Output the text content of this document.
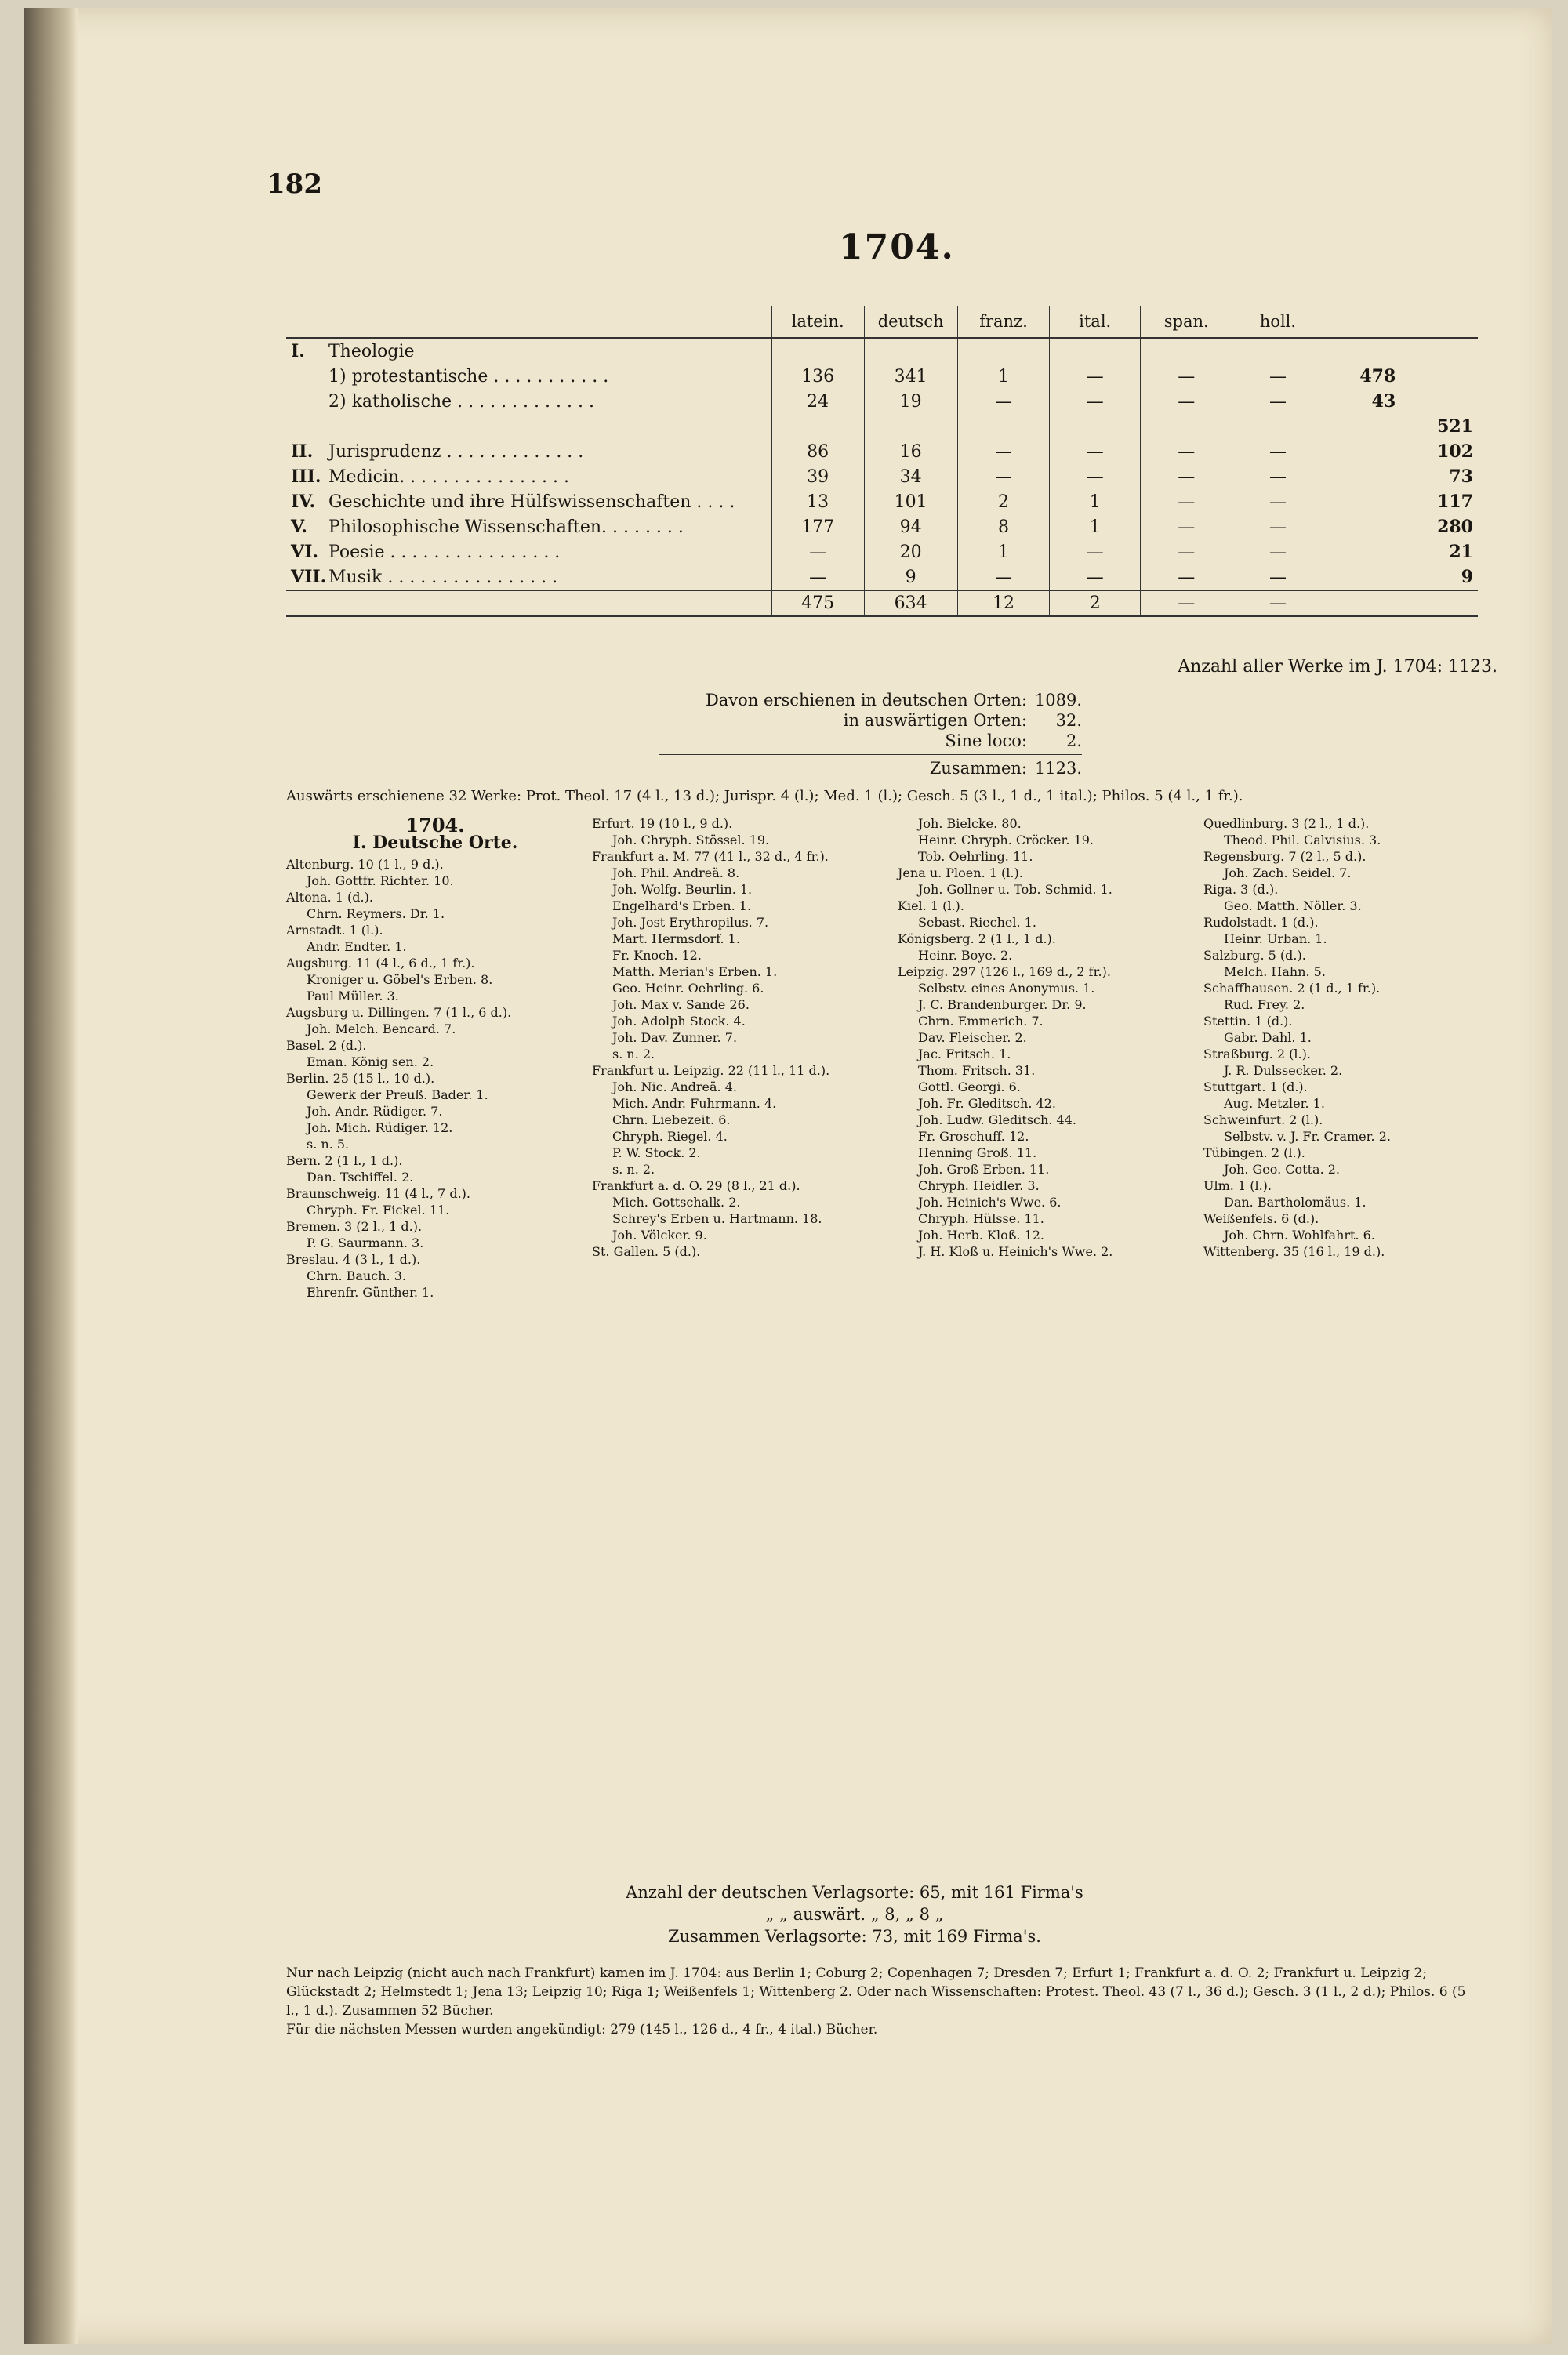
182
1704.
	latein.	deutsch	franz.	ital.	span.	holl.		
I. Theologie								
1) protestantische . . . . . . . . . . .	136	341	1	—	—	—	478	
2) katholische . . . . . . . . . . . . .	24	19	—	—	—	—	43	
								521
II. Jurisprudenz . . . . . . . . . . . . .	86	16	—	—	—	—		102
III. Medicin. . . . . . . . . . . . . . . .	39	34	—	—	—	—		73
IV. Geschichte und ihre Hülfswissenschaften . . . .	13	101	2	1	—	—		117
V. Philosophische Wissenschaften. . . . . . . .	177	94	8	1	—	—		280
VI. Poesie . . . . . . . . . . . . . . . .	—	20	1	—	—	—		21
VII. Musik . . . . . . . . . . . . . . . .	—	9	—	—	—	—		9
	475	634	12	2	—	—		
Anzahl aller Werke im J. 1704: 1123.
Davon erschienen in deutschen Orten: 1089.
in auswärtigen Orten:	32.
Sine loco:	2.
Zusammen: 1123.
Auswärts erschienene 32 Werke: Prot. Theol. 17 (4 l., 13 d.); Jurispr. 4 (l.); Med. 1 (l.); Gesch. 5 (3 l., 1 d., 1 ital.); Philos. 5 (4 l., 1 fr.).
1704.
I. Deutsche Orte.
Altenburg. 10 (1 l., 9 d.).
Joh. Gottfr. Richter. 10.
Altona. 1 (d.).
Chrn. Reymers. Dr. 1.
Arnstadt. 1 (l.).
Andr. Endter. 1.
Augsburg. 11 (4 l., 6 d., 1 fr.).
Kroniger u. Göbel's Erben. 8.
Paul Müller. 3.
Augsburg u. Dillingen. 7 (1 l., 6 d.).
Joh. Melch. Bencard. 7.
Basel. 2 (d.).
Eman. König sen. 2.
Berlin. 25 (15 l., 10 d.).
Gewerk der Preuß. Bader. 1.
Joh. Andr. Rüdiger. 7.
Joh. Mich. Rüdiger. 12.
s. n. 5.
Bern. 2 (1 l., 1 d.).
Dan. Tschiffel. 2.
Braunschweig. 11 (4 l., 7 d.).
Chryph. Fr. Fickel. 11.
Bremen. 3 (2 l., 1 d.).
P. G. Saurmann. 3.
Breslau. 4 (3 l., 1 d.).
Chrn. Bauch. 3.
Ehrenfr. Günther. 1.
Erfurt. 19 (10 l., 9 d.).
Joh. Chryph. Stössel. 19.
Frankfurt a. M. 77 (41 l., 32 d., 4 fr.).
Joh. Phil. Andreä. 8.
Joh. Wolfg. Beurlin. 1.
Engelhard's Erben. 1.
Joh. Jost Erythropilus. 7.
Mart. Hermsdorf. 1.
Fr. Knoch. 12.
Matth. Merian's Erben. 1.
Geo. Heinr. Oehrling. 6.
Joh. Max v. Sande 26.
Joh. Adolph Stock. 4.
Joh. Dav. Zunner. 7.
s. n. 2.
Frankfurt u. Leipzig. 22 (11 l., 11 d.).
Joh. Nic. Andreä. 4.
Mich. Andr. Fuhrmann. 4.
Chrn. Liebezeit. 6.
Chryph. Riegel. 4.
P. W. Stock. 2.
s. n. 2.
Frankfurt a. d. O. 29 (8 l., 21 d.).
Mich. Gottschalk. 2.
Schrey's Erben u. Hartmann. 18.
Joh. Völcker. 9.
St. Gallen. 5 (d.).
Joh. Bielcke. 80.
Heinr. Chryph. Cröcker. 19.
Tob. Oehrling. 11.
Jena u. Ploen. 1 (l.).
Joh. Gollner u. Tob. Schmid. 1.
Kiel. 1 (l.).
Sebast. Riechel. 1.
Königsberg. 2 (1 l., 1 d.).
Heinr. Boye. 2.
Leipzig. 297 (126 l., 169 d., 2 fr.).
Selbstv. eines Anonymus. 1.
J. C. Brandenburger. Dr. 9.
Chrn. Emmerich. 7.
Dav. Fleischer. 2.
Jac. Fritsch. 1.
Thom. Fritsch. 31.
Gottl. Georgi. 6.
Joh. Fr. Gleditsch. 42.
Joh. Ludw. Gleditsch. 44.
Fr. Groschuff. 12.
Henning Groß. 11.
Joh. Groß Erben. 11.
Chryph. Heidler. 3.
Joh. Heinich's Wwe. 6.
Chryph. Hülsse. 11.
Joh. Herb. Kloß. 12.
J. H. Kloß u. Heinich's Wwe. 2.
Quedlinburg. 3 (2 l., 1 d.).
Theod. Phil. Calvisius. 3.
Regensburg. 7 (2 l., 5 d.).
Joh. Zach. Seidel. 7.
Riga. 3 (d.).
Geo. Matth. Nöller. 3.
Rudolstadt. 1 (d.).
Heinr. Urban. 1.
Salzburg. 5 (d.).
Melch. Hahn. 5.
Schaffhausen. 2 (1 d., 1 fr.).
Rud. Frey. 2.
Stettin. 1 (d.).
Gabr. Dahl. 1.
Straßburg. 2 (l.).
J. R. Dulssecker. 2.
Stuttgart. 1 (d.).
Aug. Metzler. 1.
Schweinfurt. 2 (l.).
Selbstv. v. J. Fr. Cramer. 2.
Tübingen. 2 (l.).
Joh. Geo. Cotta. 2.
Ulm. 1 (l.).
Dan. Bartholomäus. 1.
Weißenfels. 6 (d.).
Joh. Chrn. Wohlfahrt. 6.
Wittenberg. 35 (16 l., 19 d.).
Anzahl der deutschen Verlagsorte: 65, mit 161 Firma's
„ „ auswärt. „ 8, „ 8 „
Zusammen Verlagsorte: 73, mit 169 Firma's.
Nur nach Leipzig (nicht auch nach Frankfurt) kamen im J. 1704: aus Berlin 1; Coburg 2; Copenhagen 7; Dresden 7; Erfurt 1; Frankfurt a. d. O. 2; Frankfurt u. Leipzig 2; Glückstadt 2; Helmstedt 1; Jena 13; Leipzig 10; Riga 1; Weißenfels 1; Wittenberg 2. Oder nach Wissenschaften: Protest. Theol. 43 (7 l., 36 d.); Gesch. 3 (1 l., 2 d.); Philos. 6 (5 l., 1 d.). Zusammen 52 Bücher.
Für die nächsten Messen wurden angekündigt: 279 (145 l., 126 d., 4 fr., 4 ital.) Bücher.
